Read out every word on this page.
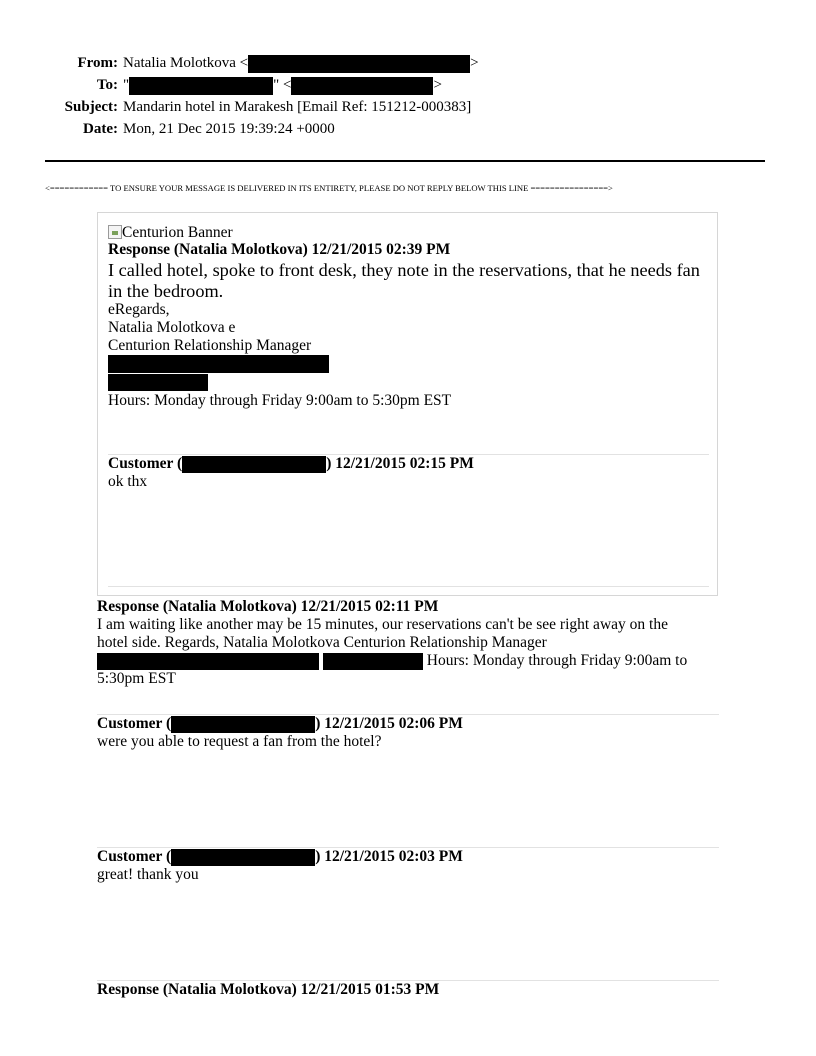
From:	Natalia Molotkova < >
To:	" " < >
Subject:	Mandarin hotel in Marakesh [Email Ref: 151212-000383]
Date:	Mon, 21 Dec 2015 19:39:24 +0000
<============ TO ENSURE YOUR MESSAGE IS DELIVERED IN ITS ENTIRETY, PLEASE DO NOT REPLY BELOW THIS LINE ================>
Centurion Banner
Response (Natalia Molotkova) 12/21/2015 02:39 PM
I called hotel, spoke to front desk, they note in the reservations, that he needs fan
in the bedroom.
eRegards,
Natalia Molotkova e
Centurion Relationship Manager
Hours: Monday through Friday 9:00am to 5:30pm EST
Customer (	) 12/21/2015 02:15 PM
ok thx
Response (Natalia Molotkova) 12/21/2015 02:11 PM
I am waiting like another may be 15 minutes, our reservations can't be see right away on the
hotel side. Regards, Natalia Molotkova Centurion Relationship Manager
Hours: Monday through Friday 9:00am to
5:30pm EST
Customer (	) 12/21/2015 02:06 PM
were you able to request a fan from the hotel?
Customer (	) 12/21/2015 02:03 PM
great! thank you
Response (Natalia Molotkova) 12/21/2015 01:53 PM
